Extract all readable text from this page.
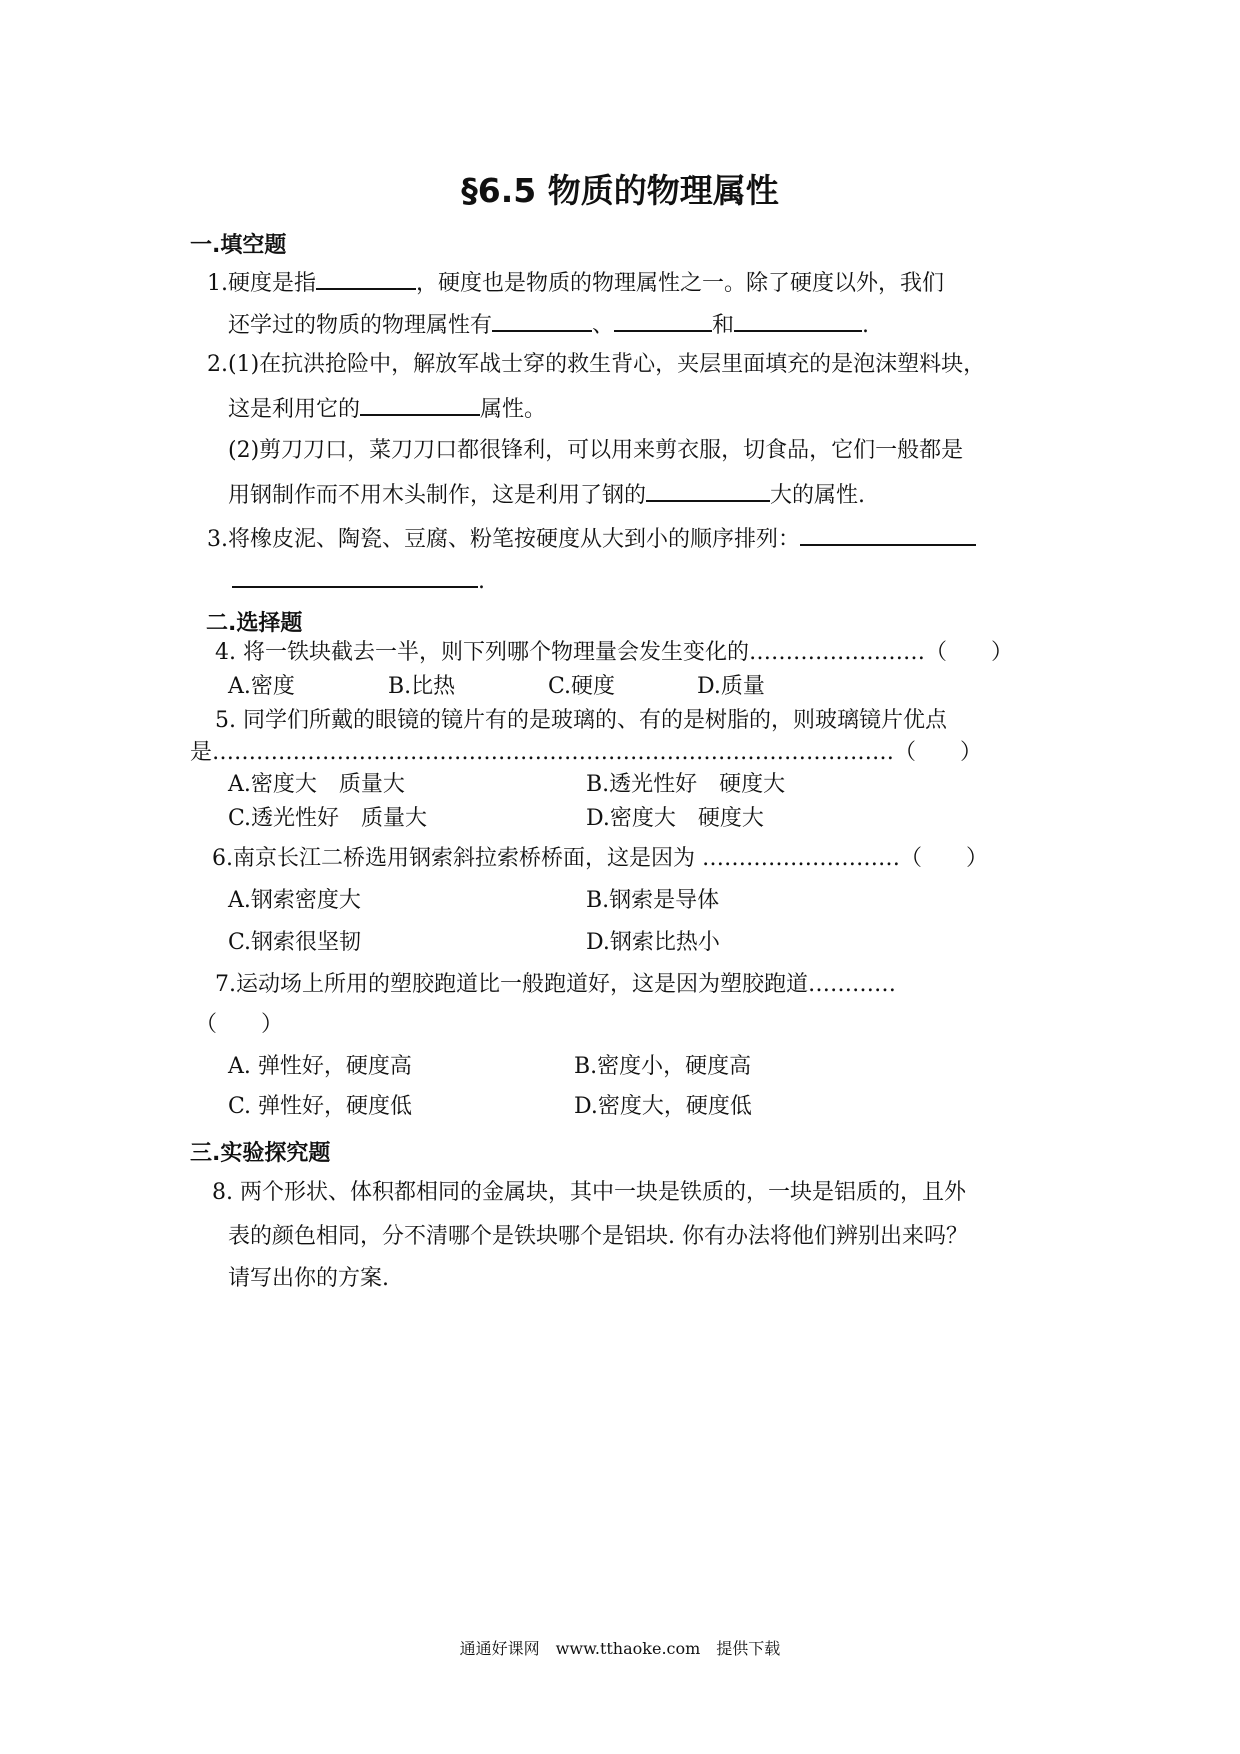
§6.5 物质的物理属性
一.填空题
1.硬度是指	，硬度也是物质的物理属性之一。除了硬度以外，我们
还学过的物质的物理属性有	、	和	.
2.(1)在抗洪抢险中，解放军战士穿的救生背心，夹层里面填充的是泡沫塑料块，
这是利用它的	属性。
(2)剪刀刀口，菜刀刀口都很锋利，可以用来剪衣服，切食品，它们一般都是
用钢制作而不用木头制作，这是利用了钢的	大的属性.
3.将橡皮泥、陶瓷、豆腐、粉笔按硬度从大到小的顺序排列：
.
二.选择题
4. 将一铁块截去一半，则下列哪个物理量会发生变化的……………………（　　）
A.密度	B.比热	C.硬度	D.质量
5. 同学们所戴的眼镜的镜片有的是玻璃的、有的是树脂的，则玻璃镜片优点
是…………………………………………………………………………………（　　）
A.密度大　质量大	B.透光性好　硬度大
C.透光性好　质量大	D.密度大　硬度大
6.南京长江二桥选用钢索斜拉索桥桥面，这是因为 ………………………（　　）
A.钢索密度大	B.钢索是导体
C.钢索很坚韧	D.钢索比热小
7.运动场上所用的塑胶跑道比一般跑道好，这是因为塑胶跑道…………
（　　）
A. 弹性好，硬度高	B.密度小，硬度高
C. 弹性好，硬度低	D.密度大，硬度低
三.实验探究题
8. 两个形状、体积都相同的金属块，其中一块是铁质的，一块是铝质的，且外
表的颜色相同，分不清哪个是铁块哪个是铝块. 你有办法将他们辨别出来吗？
请写出你的方案.
通通好课网　www.tthaoke.com　提供下载
